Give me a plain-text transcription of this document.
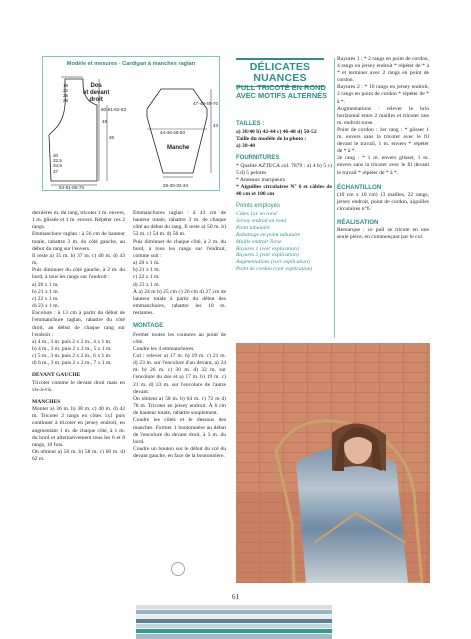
Modèle et mesures - Cardigan à manches raglan
19
22
25
28
Dos
et devant
droit
60-61-62-63
49
36
30
32,5
34,5
37
54-61-65-70
47-48-49-70
43
44-46-48-50
Manche
28-30-32-34
DÉLICATES
NUANCES
PULL TRICOTÉ EN ROND AVEC MOTIFS ALTERNÉS
TAILLES :

a) 38/40 b) 42-44 c) 46-48 d) 50-52

Taille du modèle de la photo :

a) 38-40

FOURNITURES

* Qualité AZTECA col. 7879 : a) 4 b) 5 c) 5 d) 5 pelotes

* Anneaux marqueurs

* Aiguilles circulaires N° 6 et câbles de 40 cm et 100 cm

Points employés

Côtes 1x1 en rond

Jersey endroit en rond

Point tubulaire

Rabattage en point tubulaire

Maille endroit Torse

Rayures 1 (voir explication)

Rayures 2 (voir explication)

Augmentations (voir explication)

Point de cordon (voir explication)

Rayures 1 : * 2 rangs en point de cordon, 4 rangs en jersey endroit * répéter de * à * et terminer avec 2 rangs en point de cordon.

Rayures 2 : * 10 rangs en jersey endroit, 2 rangs en point de cordon * répéter de * à *.

Augmentations : relever le brin horizontal entre 2 mailles et tricoter une m. endroit torse.

Point de cordon : 1er rang : * glisser 1 m. envers sans la tricoter avec le fil devant le travail, 1 m. envers * répéter de * à *.

2e rang : * 1 m. envers glisser, 1 m. envers sans la tricoter avec le fil devant le travail * répéter de * à *.

ÉCHANTILLON

(10 cm x 10 cm) 13 mailles, 22 rangs, jersey endroit, point de cordon, aiguilles circulaires n°6.

RÉALISATION

Remarque : ce pull se tricote en une seule pièce, en commençant par le col.

dernières m. du rang, tricoter 1 m. envers, 1 m. glissée et 1 m. envers. Répéter ces 2 rangs.

Emmanchure raglan : à 56 cm de hauteur totale, rabattre 3 m. du côté gauche, au début du rang sur l'envers.

Il reste a) 35 m. b) 37 m. c) 40 m. d) 43 m.

Puis diminuer du côté gauche, à 2 m. du bord, à tous les rangs sur l'endroit :

a) 20 x 1 m.

b) 21 x 1 m.

c) 22 x 1 m.

d) 23 x 1 m.

Encolure : à 13 cm à partir du début de l'emmanchure raglan, rabattre du côté droit, au début de chaque rang sur l'endroit :

a) 4 m., 3 m. puis 2 x 2 m., 4 x 1 m.

b) 4 m., 3 m. puis 2 x 2 m., 5 x 1 m.

c) 5 m., 3 m. puis 2 x 2 m., 6 x 1 m.

d) 6 m., 3 m. puis 2 x 2 m., 7 x 1 m.

DEVANT GAUCHE

Tricoter comme le devant droit mais en vis-à-vis.

MANCHES

Monter a) 36 m. b) 38 m. c) 40 m. d) 42 m. Tricoter 2 rangs en côtes 1x1 puis continuer à tricoter en jersey endroit, en augmentant 1 m. de chaque côté, à 1 m. du bord et alternativement tous les 6 et 8 rangs, 10 fois.

On obtient a) 56 m. b) 58 m. c) 60 m. d) 62 m.

Emmanchures raglan : à 43 cm de hauteur totale, rabattre 3 m. de chaque côté au début du rang. Il reste a) 50 m. b) 52 m. c) 54 m. d) 56 m.

Puis diminuer de chaque côté, à 2 m. du bord, à tous les rangs sur l'endroit, comme suit :

a) 20 x 1 m.

b) 21 x 1 m.

c) 22 x 1 m.

d) 23 x 1 m.

À a) 24 m b) 25 cm c) 26 cm d) 27 cm de hauteur totale à partir du début des emmanchures, rabattre les 10 m. restantes.

MONTAGE

Fermer toutes les coutures au point de côté.

Coudre les 4 emmanchures.

Col : relever a) 17 m. b) 19 m. c) 21 m. d) 23 m. sur l'encolure d'un devant, a) 24 m. b) 26 m. c) 30 m. d) 32 m. sur l'encolure du dos et a) 17 m. b) 19 m. c) 21 m. d) 23 m. sur l'encolure de l'autre devant.

On obtient a) 58 m. b) 64 m. c) 72 m d) 78 m. Tricoter en jersey endroit. À 6 cm de hauteur totale, rabattre souplement.

Coudre les côtés et le dessous des manches. Former 1 boutonnière au début de l'encolure du devant droit, à 3 m. du bord.

Coudre un bouton sur le début du col du devant gauche, en face de la boutonnière.

61
